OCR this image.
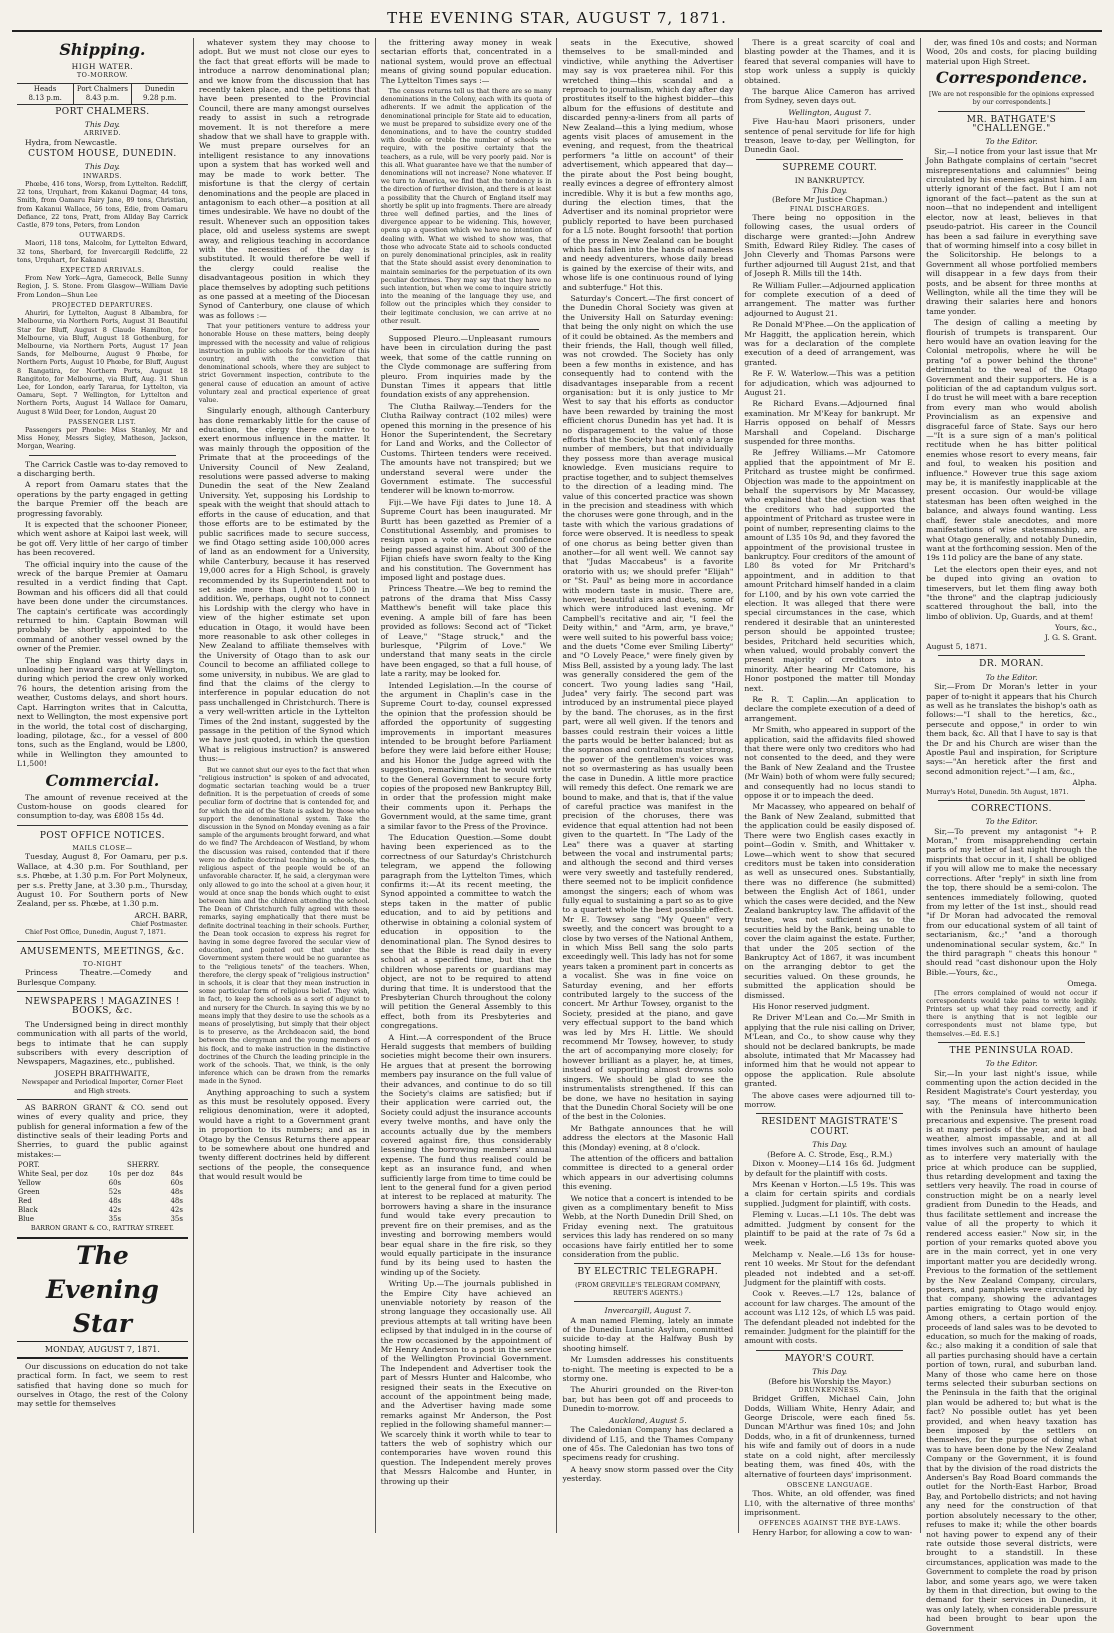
THE EVENING STAR, AUGUST 7, 1871.
Shipping.
HIGH WATER.
TO-MORROW.
Heads
8.13 p.m.
Port Chalmers
8.43 p.m.
Dunedin
9.28 p.m.
PORT CHALMERS.
This Day.
ARRIVED.

Hydra, from Newcastle.

CUSTOM HOUSE, DUNEDIN.
This Day.
INWARDS.

Phœbe, 416 tons, Worsp, from Lyttelton. Redcliff, 22 tons, Urquhart, from Kakanui Dagmar, 44 tons, Smith, from Oamaru Fairy Jane, 89 tons, Christian, from Kakanui Wallace, 56 tons, Edie, from Oamaru Defiance, 22 tons, Pratt, from Allday Bay Carrick Castle, 879 tons, Peters, from London

OUTWARDS.

Maori, 118 tons, Malcolm, for Lyttelton Edward, 32 tons, Sherbard, for Invercargill Redcliffe, 22 tons, Urquhart, for Kakanui

EXPECTED ARRIVALS.

From New York—Agra, Gamecock, Belle Sunny Region, J. S. Stone. From Glasgow—William Davie From London—Shun Lee

PROJECTED DEPARTURES.

Ahuriri, for Lyttelton, August 8 Albambra, for Melbourne, via Northern Ports, August 31 Beautiful Star for Bluff, August 8 Claude Hamilton, for Melbourne, via Bluff, August 18 Gothenburg, for Melbourne, via Northern Ports, August 17 Jean Sands, for Melbourne, August 9 Phœbe, for Northern Ports, August 10 Phœbe, for Bluff, August 8 Rangatira, for Northern Ports, August 18 Rangitoto, for Melbourne, via Bluff, Aug. 31 Shun Lee, for London, early Tararua, for Lyttelton, via Oamaru, Sept. 7 Wellington, for Lyttelton and Northern Ports, August 14 Wallace for Oamaru, August 8 Wild Deer, for London, August 20

PASSENGER LIST.

Passengers per Phœbe: Miss Stanley, Mr and Miss Honey, Messrs Sigley, Matheson, Jackson, Morgan, Wearing.

The Carrick Castle was to-day removed to a discharging berth.

A report from Oamaru states that the operations by the party engaged in getting the barque Premier off the beach are progressing favorably.

It is expected that the schooner Pioneer, which went ashore at Kaipoi last week, will be got off. Very little of her cargo of timber has been recovered.

The official inquiry into the cause of the wreck of the barque Premier at Oamaru resulted in a verdict finding that Capt. Bowman and his officers did all that could have been done under the circumstances. The captain's certificate was accordingly returned to him. Captain Bowman will probably be shortly appointed to the command of another vessel owned by the owner of the Premier.

The ship England was thirty days in unloading her inward cargo at Wellington, during which period the crew only worked 76 hours, the detention arising from the weather, Customs delays, and short hours. Capt. Harrington writes that in Calcutta, next to Wellington, the most expensive port in the world, the total cost of discharging, loading, pilotage, &c., for a vessel of 800 tons, such as the England, would be L800, while in Wellington they amounted to L1,500!

Commercial.

The amount of revenue received at the Custom-house on goods cleared for consumption to-day, was £808 15s 4d.

POST OFFICE NOTICES.
MAILS CLOSE—

Tuesday, August 8, For Oamaru, per p.s. Wallace, at 4.30 p.m. For Southland, per s.s. Phœbe, at 1.30 p.m. For Port Molyneux, per s.s. Pretty Jane, at 3.30 p.m., Thursday, August 10. For Southern ports of New Zealand, per ss. Phœbe, at 1.30 p.m.

ARCH. BARR,
Chief Postmaster.

Chief Post Office, Dunedin, August 7, 1871.

AMUSEMENTS, MEETINGS, &c.
TO-NIGHT

Princess Theatre.—Comedy and Burlesque Company.

NEWSPAPERS ! MAGAZINES ! BOOKS, &c.

The Undersigned being in direct monthly communication with all parts of the world, begs to intimate that he can supply subscribers with every description of Newspapers, Magazines, etc., published.

JOSEPH BRAITHWAITE,
Newspaper and Periodical Importer, Corner Fleet and High streets.

AS BARRON GRANT & CO. send out wines of every quality and price, they publish for general information a few of the distinctive seals of their leading Ports and Sherries, to guard the public against mistakes:—

PORT.		SHERRY.	
White Seal, per doz	10s	per doz	84s
Yellow	60s		60s
Green	52s		48s
Red	48s		48s
Black	42s		42s
Blue	35s		35s
BARRON GRANT & CO., RATTRAY STREET.
The Evening Star
MONDAY, AUGUST 7, 1871.

Our discussions on education do not take practical form. In fact, we seem to rest satisfied that having done so much for ourselves in Otago, the rest of the Colony may settle for themselves

whatever system they may choose to adopt. But we must not close our eyes to the fact that great efforts will be made to introduce a narrow denominational plan; and we know from the discussion that has recently taken place, and the petitions that have been presented to the Provincial Council, there are many amongst ourselves ready to assist in such a retrograde movement. It is not therefore a mere shadow that we shall have to grapple with. We must prepare ourselves for an intelligent resistance to any innovations upon a system that has worked well and may be made to work better. The misfortune is that the clergy of certain denominations and the people are placed in antagonism to each other—a position at all times undesirable. We have no doubt of the result. Whenever such an opposition takes place, old and useless systems are swept away, and religious teaching in accordance with the necessities of the day is substituted. It would therefore be well if the clergy could realise the disadvantageous position in which they place themselves by adopting such petitions as one passed at a meeting of the Diocesan Synod of Canterbury, one clause of which was as follows :—

That your petitioners venture to address your honorable House on these matters, being deeply impressed with the necessity and value of religious instruction in public schools for the welfare of this country, and with the conviction that denominational schools, where they are subject to strict Government inspection, contribute to the general cause of education an amount of active voluntary zeal and practical experience of great value.

Singularly enough, although Canterbury has done remarkably little for the cause of education, the clergy there contrive to exert enormous influence in the matter. It was mainly through the opposition of the Primate that at the proceedings of the University Council of New Zealand, resolutions were passed adverse to making Dunedin the seat of the New Zealand University. Yet, supposing his Lordship to speak with the weight that should attach to efforts in the cause of education, and that those efforts are to be estimated by the public sacrifices made to secure success, we find Otago setting aside 100,000 acres of land as an endowment for a University, while Canterbury, because it has reserved 19,000 acres for a High School, is gravely recommended by its Superintendent not to set aside more than 1,000 to 1,500 in addition. We, perhaps, ought not to connect his Lordship with the clergy who have in view of the higher estimate set upon education in Otago, it would have been more reasonable to ask other colleges in New Zealand to affiliate themselves with the University of Otago than to ask our Council to become an affiliated college to some university, in nubibus. We are glad to find that the claims of the clergy to interference in popular education do not pass unchallenged in Christchurch. There is a very well-written article in the Lyttelton Times of the 2nd instant, suggested by the passage in the petition of the Synod which we have just quoted, in which the question What is religious instruction? is answered thus:—

But we cannot shut our eyes to the fact that when "religious instruction" is spoken of and advocated, dogmatic sectarian teaching would be a truer definition. It is the perpetuation of creeds of some peculiar form of doctrine that is contended for, and for which the aid of the State is asked by those who support the denominational system. Take the discussion in the Synod on Monday evening as a fair sample of the arguments brought forward, and what do we find? The Archdeacon of Westland, by whom the discussion was raised, contended that if there were no definite doctrinal teaching in schools, the religious aspect of the people would be of an unfavorable character. If, he said, a clergyman were only allowed to go into the school at a given hour, it would at once snap the bonds which ought to exist between him and the children attending the school. The Dean of Christchurch fully agreed with these remarks, saying emphatically that there must be definite doctrinal teaching in their schools. Further, the Dean took occasion to express his regret for having in some degree favored the secular view of education, and pointed out that under the Government system there would be no guarantee as to the "religious tenets" of the teachers. When, therefore, the clergy speak of "religious instruction" in schools, it is clear that they mean instruction in some particular form of religious belief. They wish, in fact, to keep the schools as a sort of adjunct to and nursery for the Church. In saying this we by no means imply that they desire to use the schools as a means of proselytising, but simply that their object is to preserve, as the Archdeacon said, the bond between the clergyman and the young members of his flock, and to make instruction in the distinctive doctrines of the Church the leading principle in the work of the schools. That, we think, is the only inference which can be drawn from the remarks made in the Synod.

Anything approaching to such a system as this must be resolutely opposed. Every religious denomination, were it adopted, would have a right to a Government grant in proportion to its numbers; and as in Otago by the Census Returns there appear to be somewhere about one hundred and twenty different doctrines held by different sections of the people, the consequence that would result would be

the frittering away money in weak sectarian efforts that, concentrated in a national system, would prove an effectual means of giving sound popular education. The Lyttelton Times says :—

The census returns tell us that there are so many denominations in the Colony, each with its quota of adherents. If we admit the application of the denominational principle for State aid to education, we must be prepared to subsidize every one of the denominations, and to have the country studded with double or treble the number of schools we require, with the positive certainty that the teachers, as a rule, will be very poorly paid. Nor is this all. What guarantee have we that the number of denominations will not increase? None whatever. If we turn to America, we find that the tendency is in the direction of further division, and there is at least a possibility that the Church of England itself may shortly be split up into fragments. There are already three well defined parties, and the lines of divergence appear to be widening. This, however, opens up a question which we have no intention of dealing with. What we wished to show was, that those who advocate State aid to schools conducted on purely denominational principles, ask in reality that the State should assist every denomination to maintain seminaries for the perpetuation of its own peculiar doctrines. They may say that they have no such intention, but when we come to inquire strictly into the meaning of the language they use, and follow out the principles which they consider to their legitimate conclusion, we can arrive at no other result.

Supposed Pleuro.—Unpleasant rumours have been in circulation during the past week, that some of the cattle running on the Clyde commonage are suffering from pleuro. From inquiries made by the Dunstan Times it appears that little foundation exists of any apprehension.

The Clutha Railway.—Tenders for the Clutha Railway contract (102 miles) were opened this morning in the presence of his Honor the Superintendent, the Secretary for Land and Works, and the Collector of Customs. Thirteen tenders were received. The amounts have not transpired; but we understand several were under the Government estimate. The successful tenderer will be known to-morrow.

Fiji.—We have Fiji dates to June 18. A Supreme Court has been inaugurated. Mr Burtt has been gazetted as Premier of a Constitutional Assembly, and promises to resign upon a vote of want of confidence being passed against him. About 300 of the Fijian chiefs have sworn fealty to the King and his constitution. The Government has imposed light and postage dues.

Princess Theatre.—We beg to remind the patrons of the drama that Miss Cassy Matthew's benefit will take place this evening. A ample bill of fare has been provided as follows: Second act of "Ticket of Leave," "Stage struck," and the burlesque, "Pilgrim of Love." We understand that many seats in the circle have been engaged, so that a full house, of late a rarity, may be looked for.

Intended Legislation.—In the course of the argument in Chaplin's case in the Supreme Court to-day, counsel expressed the opinion that the profession should be afforded the opportunity of suggesting improvements in important measures intended to be brought before Parliament before they were laid before either House; and his Honor the Judge agreed with the suggestion, remarking that he would write to the General Government to secure forty copies of the proposed new Bankruptcy Bill, in order that the profession might make their comments upon it. Perhaps the Government would, at the same time, grant a similar favor to the Press of the Province.

The Education Question.—Some doubt having been experienced as to the correctness of our Saturday's Christchurch telegram, we append the following paragraph from the Lyttelton Times, which confirms it:—At its recent meeting, the Synod appointed a committee to watch the steps taken in the matter of public education, and to aid by petitions and otherwise in obtaining a colonial system of education in opposition to the denominational plan. The Synod desires to see that the Bible is read daily in every school at a specified time, but that the children whose parents or guardians may object, are not to be required to attend during that time. It is understood that the Presbyterian Church throughout the colony will petition the General Assembly to this effect, both from its Presbyteries and congregations.

A Hint.—A correspondent of the Bruce Herald suggests that members of building societies might become their own insurers. He argues that at present the borrowing members pay insurance on the full value of their advances, and continue to do so till the Society's claims are satisfied; but if their application were carried out, the Society could adjust the insurance accounts every twelve months, and have only the accounts actually due by the members covered against fire, thus considerably lessening the borrowing members' annual expense. The fund thus realised could be kept as an insurance fund, and when sufficiently large from time to time could be lent to the general fund for a given period at interest to be replaced at maturity. The borrowers having a share in the insurance fund would take every precaution to prevent fire on their premises, and as the investing and borrowing members would bear equal share in the fire risk, so they would equally participate in the insurance fund by its being used to hasten the winding up of the Society.

Writing Up.—The journals published in the Empire City have achieved an unenviable notoriety by reason of the strong language they occasionally use. All previous attempts at tall writing have been eclipsed by that indulged in in the course of the row occasioned by the appointment of Mr Henry Anderson to a post in the service of the Wellington Provincial Government. The Independent and Advertiser took the part of Messrs Hunter and Halcombe, who resigned their seats in the Executive on account of the appointment being made, and the Advertiser having made some remarks against Mr Anderson, the Post replied in the following shameful manner:—We scarcely think it worth while to tear to tatters the web of sophistry which our contemporaries have woven round this question. The Independent merely proves that Messrs Halcombe and Hunter, in throwing up their

seats in the Executive, showed themselves to be small-minded and vindictive, while anything the Advertiser may say is vox praeterea nihil. For this wretched thing—this scandal and a reproach to journalism, which day after day prostitutes itself to the highest bidder—this album for the effusions of destitute and discarded penny-a-liners from all parts of New Zealand—this a lying medium, whose agents visit places of amusement in the evening, and request, from the theatrical performers "a little on account" of their advertisement, which appeared that day—the pirate about the Post being bought, really evinces a degree of effrontery almost incredible. Why it is but a few months ago, during the election times, that the Advertiser and its nominal proprietor were publicly reported to have been purchased for a L5 note. Bought forsooth! that portion of the press in New Zealand can be bought which has fallen into the hands of nameless and needy adventurers, whose daily bread is gained by the exercise of their wits, and whose life is one continuous round of lying and subterfuge." Hot this.

Saturday's Concert.—The first concert of the Dunedin Choral Society was given at the University Hall on Saturday evening: that being the only night on which the use of it could be obtained. As the members and their friends, the Hall, though well filled, was not crowded. The Society has only been a few months in existence, and has consequently had to contend with the disadvantages inseparable from a recent organisation: but it is only justice to Mr West to say that his efforts as conductor have been rewarded by training the most efficient chorus Dunedin has yet had. It is no disparagement to the value of those efforts that the Society has not only a large number of members, but that individually they possess more than average musical knowledge. Even musicians require to practise together, and to subject themselves to the direction of a leading mind. The value of this concerted practice was shown in the precision and steadiness with which the choruses were gone through, and in the taste with which the various gradations of force were observed. It is needless to speak of one chorus as being better given than another—for all went well. We cannot say that "Judas Maccabeus" is a favorite oratorio with us; we should prefer "Elijah" or "St. Paul" as being more in accordance with modern taste in music. There are, however, beautiful airs and duets, some of which were introduced last evening. Mr Campbell's recitative and air, "I feel the Deity within," and "Arm, arm, ye brave," were well suited to his powerful bass voice; and the duets "Come ever Smiling Liberty" and "O Lovely Peace," were finely given by Miss Bell, assisted by a young lady. The last was generally considered the gem of the concert. Two young ladies sang "Hail, Judea" very fairly. The second part was introduced by an instrumental piece played by the band. The choruses, as in the first part, were all well given. If the tenors and basses could restrain their voices a little the parts would be better balanced; but as the sopranos and contraltos muster strong, the power of the gentlemen's voices was not so overmastering as has usually been the case in Dunedin. A little more practice will remedy this defect. One remark we are bound to make, and that is, that if the value of careful practice was manifest in the precision of the choruses, there was evidence that equal attention had not been given to the quartett. In "The Lady of the Lea" there was a quaver at starting between the vocal and instrumental parts; and although the second and third verses were very sweetly and tastefully rendered, there seemed not to be implicit confidence amongst the singers; each of whom was fully equal to sustaining a part so as to give to a quartett whole the best possible effect. Mr E. Towsey sang "My Queen" very sweetly, and the concert was brought to a close by two verses of the National Anthem, in which Miss Bell sang the solo parts exceedingly well. This lady has not for some years taken a prominent part in concerts as a vocalist. She was in fine voice on Saturday evening, and her efforts contributed largely to the success of the concert. Mr Arthur Towsey, organist to the Society, presided at the piano, and gave very effectual support to the band which was led by Mrs H. Little. We should recommend Mr Towsey, however, to study the art of accompanying more closely; for however brilliant as a player, he, at times, instead of supporting almost drowns solo singers. We should be glad to see the instrumentalists strengthened. If this can be done, we have no hesitation in saying that the Dunedin Choral Society will be one of the best in the Colonies.

Mr Bathgate announces that he will address the electors at the Masonic Hall this (Monday) evening, at 8 o'clock.

The attention of the officers and battalion committee is directed to a general order which appears in our advertising columns this evening.

We notice that a concert is intended to be given as a complimentary benefit to Miss Webb, at the North Dunedin Drill Shed, on Friday evening next. The gratuitous services this lady has rendered on so many occasions have fairly entitled her to some consideration from the public.

BY ELECTRIC TELEGRAPH.
(FROM GREVILLE'S TELEGRAM COMPANY, REUTER'S AGENTS.)
Invercargill, August 7.

A man named Fleming, lately an inmate of the Dunedin Lunatic Asylum, committed suicide to-day at the Halfway Bush by shooting himself.

Mr Lumsden addresses his constituents to-night. The meeting is expected to be a stormy one.

The Ahuriri grounded on the River-ton bar, but has been got off and proceeds to Dunedin to-morrow.

Auckland, August 5.

The Caledonian Company has declared a dividend of L15, and the Thames Company one of 45s. The Caledonian has two tons of specimens ready for crushing.

A heavy snow storm passed over the City yesterday.

There is a great scarcity of coal and blasting powder at the Thames, and it is feared that several companies will have to stop work unless a supply is quickly obtained.

The barque Alice Cameron has arrived from Sydney, seven days out.

Wellington, August 7.

Five Hau-hau Maori prisoners, under sentence of penal servitude for life for high treason, leave to-day, per Wellington, for Dunedin Gaol.

SUPREME COURT.
IN BANKRUPTCY.
This Day.
(Before Mr Justice Chapman.)
FINAL DISCHARGES.

There being no opposition in the following cases, the usual orders of discharge were granted:—John Andrew Smith, Edward Riley Ridley. The cases of John Cleverly and Thomas Parsons were further adjourned till August 21st, and that of Joseph R. Mills till the 14th.

Re William Fuller.—Adjourned application for complete execution of a deed of arrangement. The matter was further adjourned to August 21.

Re Donald M'Phee.—On the application of Mr Haggitt, the application herein, which was for a declaration of the complete execution of a deed of arrangement, was granted.

Re F. W. Waterlow.—This was a petition for adjudication, which was adjourned to August 21.

Re Richard Evans.—Adjourned final examination. Mr M'Keay for bankrupt. Mr Harris opposed on behalf of Messrs Marshall and Copeland. Discharge suspended for three months.

Re Jeffrey Williams.—Mr Catomore applied that the appointment of Mr E. Pritchard as trustee might be confirmed. Objection was made to the appointment on behalf the supervisors by Mr Macassey, who explained that the objection was that the creditors who had supported the appointment of Pritchard as trustee were in point of number, representing claims to the amount of L35 10s 9d, and they favored the appointment of the provisional trustee in bankruptcy. Four creditors of the amount of L80 8s voted for Mr Pritchard's appointment, and in addition to that amount Pritchard himself handed in a claim for L100, and by his own vote carried the election. It was alleged that there were special circumstances in the case, which rendered it desirable that an uninterested person should be appointed trustee; besides, Pritchard held securities which, when valued, would probably convert the present majority of creditors into a minority. After hearing Mr Catomore, his Honor postponed the matter till Monday next.

Re R. T. Caplin.—An application to declare the complete execution of a deed of arrangement.

Mr Smith, who appeared in support of the application, said the affidavits filed showed that there were only two creditors who had not consented to the deed, and they were the Bank of New Zealand and the Trustee (Mr Wain) both of whom were fully secured; and consequently had no locus standi to oppose it or to impeach the deed.

Mr Macassey, who appeared on behalf of the Bank of New Zealand, submitted that the application could be easily disposed of. There were two English cases exactly in point—Godin v. Smith, and Whittaker v. Lowe—which went to show that secured creditors must be taken into consideration as well as unsecured ones. Substantially, there was no difference (he submitted) between the English Act of 1861, under which the cases were decided, and the New Zealand bankruptcy law. The affidavit of the trustee, was not sufficient as to the securities held by the Bank, being unable to cover the claim against the estate. Further, that under the 205 section of the Bankruptcy Act of 1867, it was incumbent on the arranging debtor to get the securities valued. On these grounds, he submitted the application should be dismissed.

His Honor reserved judgment.

Re Driver M'Lean and Co.—Mr Smith in applying that the rule nisi calling on Driver, M'Lean, and Co., to show cause why they should not be declared bankrupts, be made absolute, intimated that Mr Macassey had informed him that he would not appear to oppose the application. Rule absolute granted.

The above cases were adjourned till to-morrow.

RESIDENT MAGISTRATE'S COURT.
This Day.
(Before A. C. Strode, Esq., R.M.)

Dixon v. Mooney—L14 16s 6d. Judgment by default for the plaintiff with costs.

Mrs Keenan v Horton.—L5 19s. This was a claim for certain spirits and cordials supplied. Judgment for plaintiff, with costs.

Fleming v. Lucas.—L1 10s. The debt was admitted. Judgment by consent for the plaintiff to be paid at the rate of 7s 6d a week.

Melchamp v. Neale.—L6 13s for house-rent 10 weeks. Mr Stout for the defendant pleaded not indebted and a set-off. Judgment for the plaintiff with costs.

Cook v. Reeves.—L7 12s, balance of account for law charges. The amount of the account was L12 12s, of which L5 was paid. The defendant pleaded not indebted for the remainder. Judgment for the plaintiff for the amount with costs.

MAYOR'S COURT.
This Day.
(Before his Worship the Mayor.)
DRUNKENNESS.

Bridget Griffen, Michael Cain, John Dodds, William White, Henry Adair, and George Driscole, were each fined 5s. Duncan M'Arthur was fined 10s; and John Dodds, who, in a fit of drunkenness, turned his wife and family out of doors in a nude state on a cold night, after mercilessly beating them, was fined 40s, with the alternative of fourteen days' imprisonment.

OBSCENE LANGUAGE.

Thos. White, an old offender, was fined L10, with the alternative of three months' imprisonment.

OFFENCES AGAINST THE BYE-LAWS.

Henry Harbor, for allowing a cow to wan-

der, was fined 10s and costs; and Norman Wood, 20s and costs, for placing building material upon High Street.

Correspondence.

[We are not responsible for the opinions expressed by our correspondents.]

MR. BATHGATE'S "CHALLENGE."
To the Editor.

Sir,—I notice from your last issue that Mr John Bathgate complains of certain "secret misrepresentations and calumnies" being circulated by his enemies against him. I am utterly ignorant of the fact. But I am not ignorant of the fact—patent as the sun at noon—that no independent and intelligent elector, now at least, believes in that pseudo-patriot. His career in the Council has been a sad failure in everything save that of worming himself into a cosy billet in the Solicitorship. He belongs to a Government all whose portfolied members will disappear in a few days from their posts, and be absent for three months at Wellington, while all the time they will be drawing their salaries here and honors tame yonder.

The design of calling a meeting by flourish of trumpets is transparent. Our hero would have an ovation leaving for the Colonial metropolis, where he will be prating "of a power behind the throne" detrimental to the weal of the Otago Government and their supporters. He is a politician of the ad captandum vulgus sort. I do trust he will meet with a bare reception from every man who would abolish Provincialism as an expensive and disgraceful farce of State. Says our hero—"It is a sure sign of a man's political rectitude when he has bitter political enemies whose resort to every means, fair and foul, to weaken his position and influence." However true this sage axiom may be, it is manifestly inapplicable at the present occasion. Our would-be village statesman has been often weighed in the balance, and always found wanting. Less chaff, fewer stale anecdotes, and more manifestations of wise statesmanship, are what Otago generally, and notably Dunedin, want at the forthcoming session. Men of the 19s 11d policy are the bane of any state.

Let the electors open their eyes, and not be duped into giving an ovation to timeservers, but let them fling away both "the throne" and the claptrap judiciously scattered throughout the ball, into the limbo of oblivion. Up, Guards, and at them!

Yours, &c.,
J. G. S. Grant.
August 5, 1871.
DR. MORAN.
To the Editor.

Sir,—From Dr Moran's letter in your paper of to-night it appears that his Church as well as he translates the bishop's oath as follows:—"I shall to the heretics, &c., persecute and oppose," in order to win them back, &c. All that I have to say is that the Dr and his Church are wiser than the Apostle Paul and inspiration, for Scripture says:—"An heretick after the first and second admonition reject."—I am, &c.,

Alpha.
Murray's Hotel, Dunedin. 5th August, 1871.
CORRECTIONS.
To the Editor.

Sir,—To prevent my antagonist "+ P. Moran," from misapprehending certain parts of my letter of last night through the misprints that occur in it, I shall be obliged if you will allow me to make the necessary corrections. After "reply" in sixth line from the top, there should be a semi-colon. The sentences immediately following, quoted from my letter of the 1st inst., should read "if Dr Moran had advocated the removal from our educational system of all taint of sectarianism, &c.;" "and a thorough undenominational secular system, &c." In the third paragraph " cheats this honour " should read "cast dishonour upon the Holy Bible.—Yours, &c.,

Omega.

[The errors complained of would not occur if correspondents would take pains to write legibly. Printers set up what they read correctly, and if there is anything that is not legible our correspondents must not blame type, but themselves.—Ed. E.S.]

THE PENINSULA ROAD.
To the Editor.

Sir,—In your last night's issue, while commenting upon the action decided in the Resident Magistrate's Court yesterday, you say, "The means of intercommunication with the Peninsula have hitherto been precarious and expensive. The present road is at many periods of the year, and in bad weather, almost impassable, and at all times involves such an amount of haulage as to interfere very materially with the price at which produce can be supplied, thus retarding development and taxing the settlers very heavily. The road in course of construction might be on a nearly level gradient from Dunedin to the Heads, and thus facilitate settlement and increase the value of all the property to which it rendered access easier." Now sir, in the portion of your remarks quoted above you are in the main correct, yet in one very important matter you are decidedly wrong. Previous to the formation of the settlement by the New Zealand Company, circulars, posters, and pamphlets were circulated by that company, showing the advantages parties emigrating to Otago would enjoy. Among others, a certain portion of the proceeds of land sales was to be devoted to education, so much for the making of roads, &c.; also making it a condition of sale that all parties purchasing should have a certain portion of town, rural, and suburban land. Many of those who came here on those terms selected their suburban sections on the Peninsula in the faith that the original plan would be adhered to; but what is the fact? No possible outlet has yet been provided, and when heavy taxation has been imposed by the settlers on themselves, for the purpose of doing what was to have been done by the New Zealand Company or the Government, it is found that by the division of the road districts the Andersen's Bay Road Board commands the outlet for the North-East Harbor, Broad Bay, and Portobello districts; and not having any need for the construction of that portion absolutely necessary to the other, refuses to make it; while the other boards not having power to expend any of their rate outside those several districts, were brought to a standstill. In these circumstances, application was made to the Government to complete the road by prison labor, and some years ago, we were taken by them in that direction, but owing to the demand for their services in Dunedin, it was only lately, when considerable pressure had been brought to bear upon the Government
